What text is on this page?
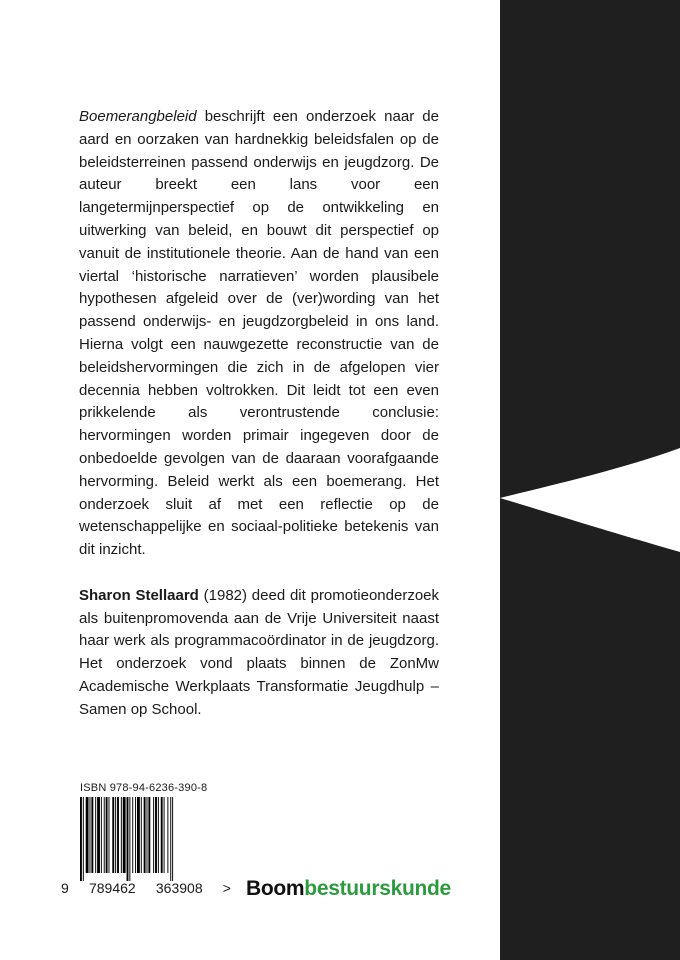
Boemerangbeleid beschrijft een onderzoek naar de aard en oorzaken van hardnekkig beleidsfalen op de beleidsterreinen passend onderwijs en jeugdzorg. De auteur breekt een lans voor een langetermijnperspectief op de ontwikkeling en uitwerking van beleid, en bouwt dit perspectief op vanuit de institutionele theorie. Aan de hand van een viertal ‘historische narratieven’ worden plausibele hypothesen afgeleid over de (ver)wording van het passend onderwijs- en jeugdzorgbeleid in ons land. Hierna volgt een nauwgezette reconstructie van de beleidshervormingen die zich in de afgelopen vier decennia hebben voltrokken. Dit leidt tot een even prikkelende als verontrustende conclusie: hervormingen worden primair ingegeven door de onbedoelde gevolgen van de daaraan voorafgaande hervorming. Beleid werkt als een boemerang. Het onderzoek sluit af met een reflectie op de wetenschappelijke en sociaal-politieke betekenis van dit inzicht.

Sharon Stellaard (1982) deed dit promotieonderzoek als buitenpromovenda aan de Vrije Universiteit naast haar werk als programmacoördinator in de jeugdzorg. Het onderzoek vond plaats binnen de ZonMw Academische Werkplaats Transformatie Jeugdhulp – Samen op School.

ISBN 978-94-6236-390-8
9 789462 363908 > Boombestuurskunde
